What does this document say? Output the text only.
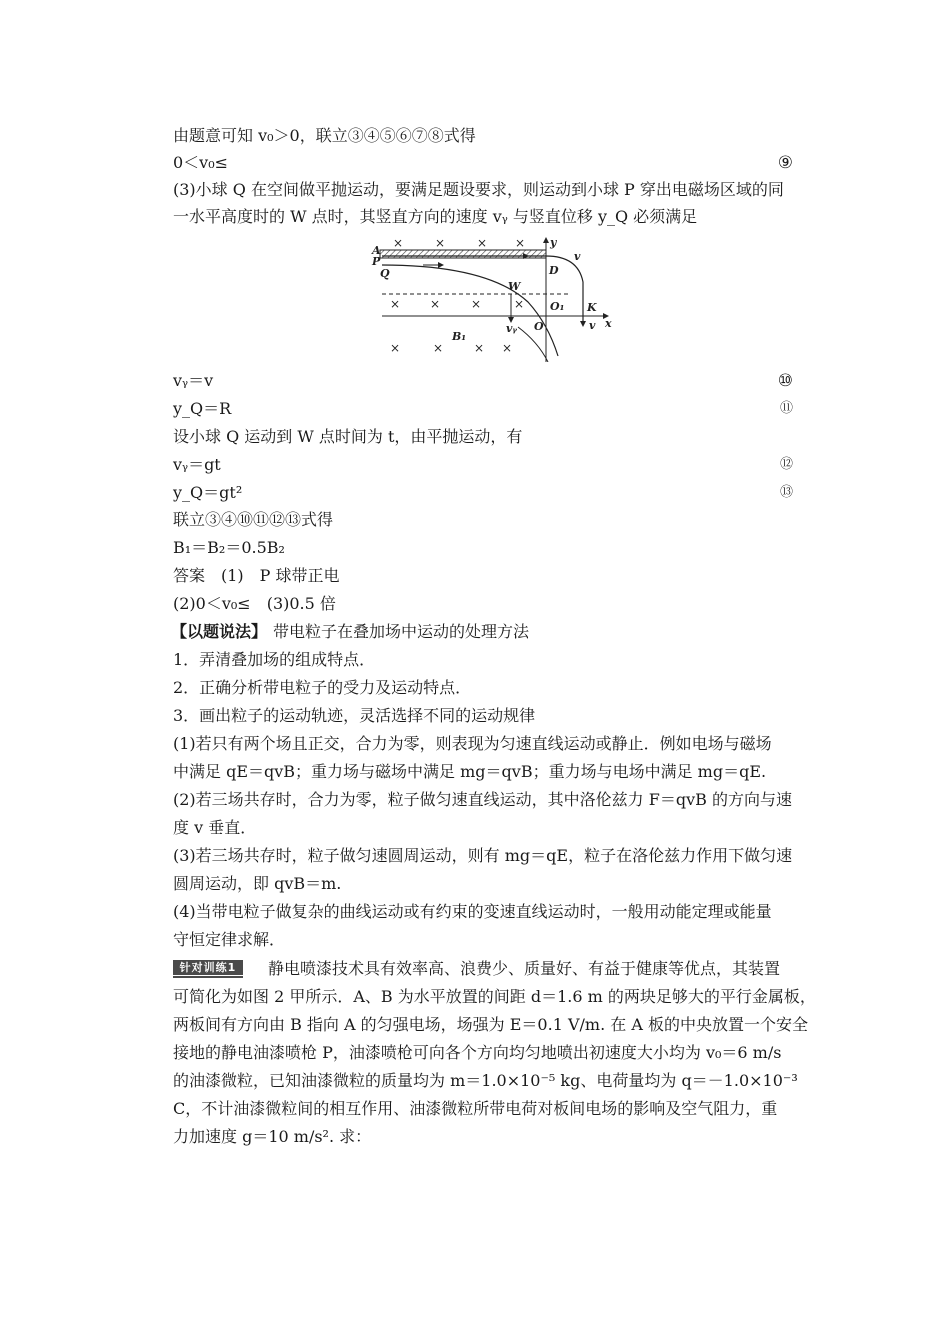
由题意可知 v₀＞0，联立③④⑤⑥⑦⑧式得
0＜v₀≤	⑨
(3)小球 Q 在空间做平抛运动，要满足题设要求，则运动到小球 P 穿出电磁场区域的同
一水平高度时的 W 点时，其竖直方向的速度 vᵧ 与竖直位移 y_Q 必须满足
×	×	× ×
× ×	×	×
×	×	× ×
A
P
Q	D
W
O₁
O
K
B₁
x
y
v
v
vᵧ
vᵧ＝v	⑩
y_Q＝R	⑪
设小球 Q 运动到 W 点时间为 t，由平抛运动，有
vᵧ＝gt	⑫
y_Q＝gt²	⑬
联立③④⑩⑪⑫⑬式得
B₁＝B₂＝0.5B₂
答案　(1)　P 球带正电
(2)0＜v₀≤　(3)0.5 倍
【以题说法】 带电粒子在叠加场中运动的处理方法
1．弄清叠加场的组成特点．
2．正确分析带电粒子的受力及运动特点．
3．画出粒子的运动轨迹，灵活选择不同的运动规律
(1)若只有两个场且正交，合力为零，则表现为匀速直线运动或静止．例如电场与磁场
中满足 qE＝qvB；重力场与磁场中满足 mg＝qvB；重力场与电场中满足 mg＝qE.
(2)若三场共存时，合力为零，粒子做匀速直线运动，其中洛伦兹力 F＝qvB 的方向与速
度 v 垂直．
(3)若三场共存时，粒子做匀速圆周运动，则有 mg＝qE，粒子在洛伦兹力作用下做匀速
圆周运动，即 qvB＝m.
(4)当带电粒子做复杂的曲线运动或有约束的变速直线运动时，一般用动能定理或能量
守恒定律求解．
针对训练1	静电喷漆技术具有效率高、浪费少、质量好、有益于健康等优点，其装置
可简化为如图 2 甲所示．A、B 为水平放置的间距 d＝1.6 m 的两块足够大的平行金属板，
两板间有方向由 B 指向 A 的匀强电场，场强为 E＝0.1 V/m. 在 A 板的中央放置一个安全
接地的静电油漆喷枪 P，油漆喷枪可向各个方向均匀地喷出初速度大小均为 v₀＝6 m/s
的油漆微粒，已知油漆微粒的质量均为 m＝1.0×10⁻⁵ kg、电荷量均为 q＝－1.0×10⁻³
C，不计油漆微粒间的相互作用、油漆微粒所带电荷对板间电场的影响及空气阻力，重
力加速度 g＝10 m/s². 求：
